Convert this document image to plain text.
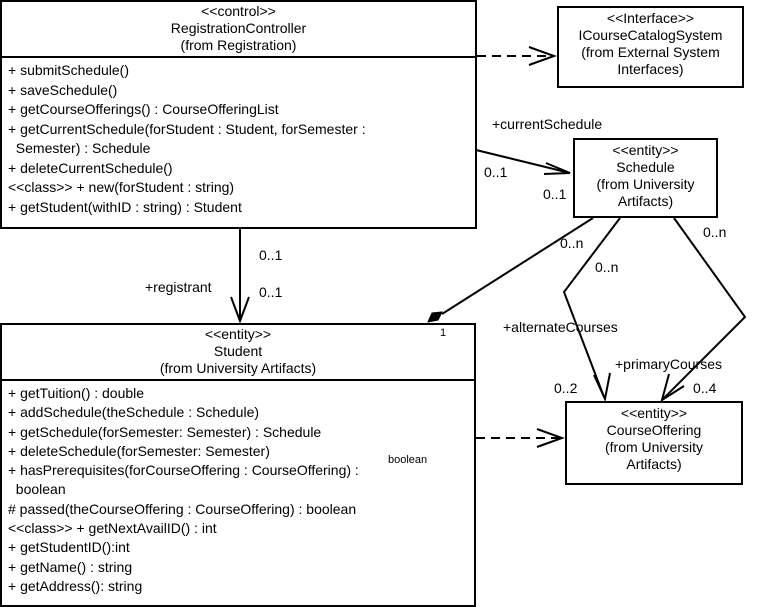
<<control>>
RegistrationController
(from Registration)
+ submitSchedule()
+ saveSchedule()
+ getCourseOfferings() : CourseOfferingList
+ getCurrentSchedule(forStudent : Student, forSemester :
Semester) : Schedule
+ deleteCurrentSchedule()
<<class>> + new(forStudent : string)
+ getStudent(withID : string) : Student
<<Interface>>
ICourseCatalogSystem
(from External System
Interfaces)
<<entity>>
Schedule
(from University
Artifacts)
<<entity>>
Student
(from University Artifacts)
+ getTuition() : double
+ addSchedule(theSchedule : Schedule)
+ getSchedule(forSemester: Semester) : Schedule
+ deleteSchedule(forSemester: Semester)
+ hasPrerequisites(forCourseOffering : CourseOffering) :
boolean
# passed(theCourseOffering : CourseOffering) : boolean
<<class>> + getNextAvailID() : int
+ getStudentID():int
+ getName() : string
+ getAddress(): string
boolean
<<entity>>
CourseOffering
(from University
Artifacts)
+currentSchedule
0..1
0..1
+registrant
0..1
0..1
0..n
1
0..n
+alternateCourses
0..2
0..n
+primaryCourses
0..4
